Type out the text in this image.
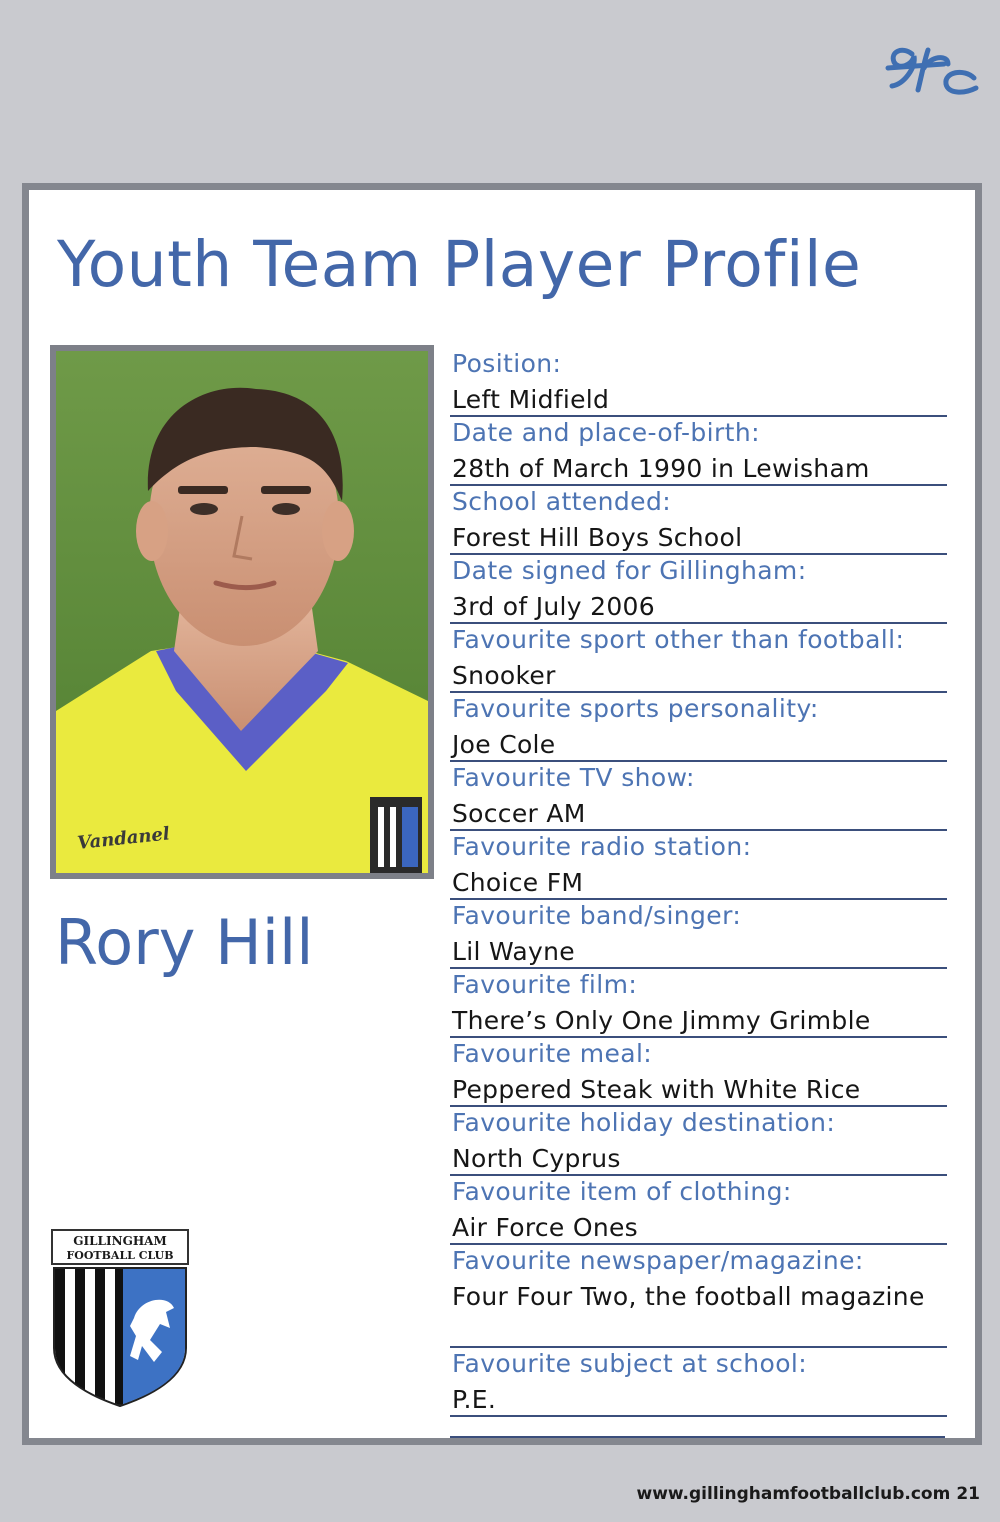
Youth Team Player Profile
Vandanel
Rory Hill
GILLINGHAM
FOOTBALL CLUB
Position:
Left Midfield
Date and place-of-birth:
28th of March 1990 in Lewisham
School attended:
Forest Hill Boys School
Date signed for Gillingham:
3rd of July 2006
Favourite sport other than football:
Snooker
Favourite sports personality:
Joe Cole
Favourite TV show:
Soccer AM
Favourite radio station:
Choice FM
Favourite band/singer:
Lil Wayne
Favourite film:
There’s Only One Jimmy Grimble
Favourite meal:
Peppered Steak with White Rice
Favourite holiday destination:
North Cyprus
Favourite item of clothing:
Air Force Ones
Favourite newspaper/magazine:
Four Four Two, the football magazine
Favourite subject at school:
P.E.
www.gillinghamfootballclub.com 21
